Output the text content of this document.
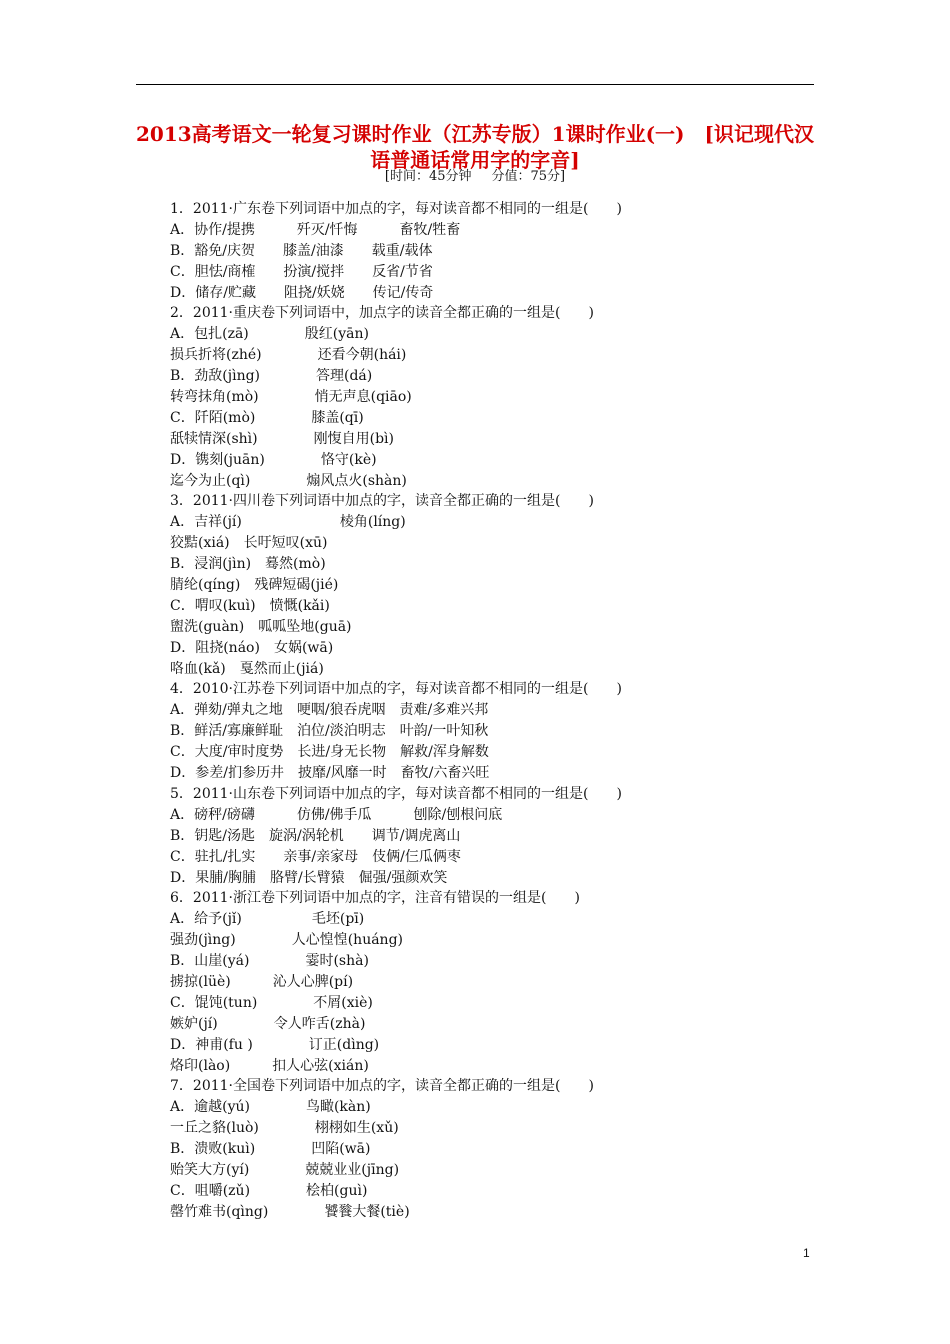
2013高考语文一轮复习课时作业（江苏专版）1课时作业(一)　[识记现代汉语普通话常用字的字音]
[时间：45分钟 分值：75分]
1．2011·广东卷下列词语中加点的字，每对读音都不相同的一组是(　　)
A．协作/提携　　　歼灭/忏悔　　　畜牧/牲畜
B．豁免/庆贺　　膝盖/油漆　　载重/载体
C．胆怯/商榷　　扮演/搅拌　　反省/节省
D．储存/贮藏　　阻挠/妖娆　　传记/传奇
2．2011·重庆卷下列词语中，加点字的读音全都正确的一组是(　　)
A．包扎(zā)　　　　殷红(yān)
损兵折将(zhé)　　　　还看今朝(hái)
B．劲敌(jìng)　　　　答理(dá)
转弯抹角(mò)　　　　悄无声息(qiāo)
C．阡陌(mò)　　　　膝盖(qī)
舐犊情深(shì)　　　　刚愎自用(bì)
D．镌刻(juān)　　　　恪守(kè)
迄今为止(qì)　　　　煽风点火(shàn)
3．2011·四川卷下列词语中加点的字，读音全都正确的一组是(　　)
A．吉祥(jí)　　　　　　　棱角(líng)
狡黠(xiá)　长吁短叹(xū)
B．浸润(jìn)　蓦然(mò)
腈纶(qíng)　残碑短碣(jié)
C．喟叹(kuì)　愤慨(kǎi)
盥洗(guàn)　呱呱坠地(guā)
D．阻挠(náo)　女娲(wā)
咯血(kǎ)　戛然而止(jiá)
4．2010·江苏卷下列词语中加点的字，每对读音都不相同的一组是(　　)
A．弹劾/弹丸之地　哽咽/狼吞虎咽　责难/多难兴邦
B．鲜活/寡廉鲜耻　泊位/淡泊明志　叶韵/一叶知秋
C．大度/审时度势　长进/身无长物　解救/浑身解数
D．参差/扪参历井　披靡/风靡一时　畜牧/六畜兴旺
5．2011·山东卷下列词语中加点的字，每对读音都不相同的一组是(　　)
A．磅秤/磅礴　　　仿佛/佛手瓜　　　刨除/刨根问底
B．钥匙/汤匙　旋涡/涡轮机　　调节/调虎离山
C．驻扎/扎实　　亲事/亲家母　伎俩/仨瓜俩枣
D．果脯/胸脯　胳臂/长臂猿　倔强/强颜欢笑
6．2011·浙江卷下列词语中加点的字，注音有错误的一组是(　　)
A．给予(jǐ)　　　　　毛坯(pī)
强劲(jìng)　　　　人心惶惶(huáng)
B．山崖(yá)　　　　霎时(shà)
掳掠(lüè)　　　沁人心脾(pí)
C．馄饨(tun)　　　　不屑(xiè)
嫉妒(jí)　　　　令人咋舌(zhà)
D．神甫(fu )　　　　订正(dìng)
烙印(lào)　　　扣人心弦(xián)
7．2011·全国卷下列词语中加点的字，读音全都正确的一组是(　　)
A．逾越(yú)　　　　鸟瞰(kàn)
一丘之貉(luò)　　　　栩栩如生(xǔ)
B．溃败(kuì)　　　　凹陷(wā)
贻笑大方(yí)　　　　兢兢业业(jīng)
C．咀嚼(zǔ)　　　　桧柏(guì)
罄竹难书(qìng)　　　　饕餮大餐(tiè)
1
